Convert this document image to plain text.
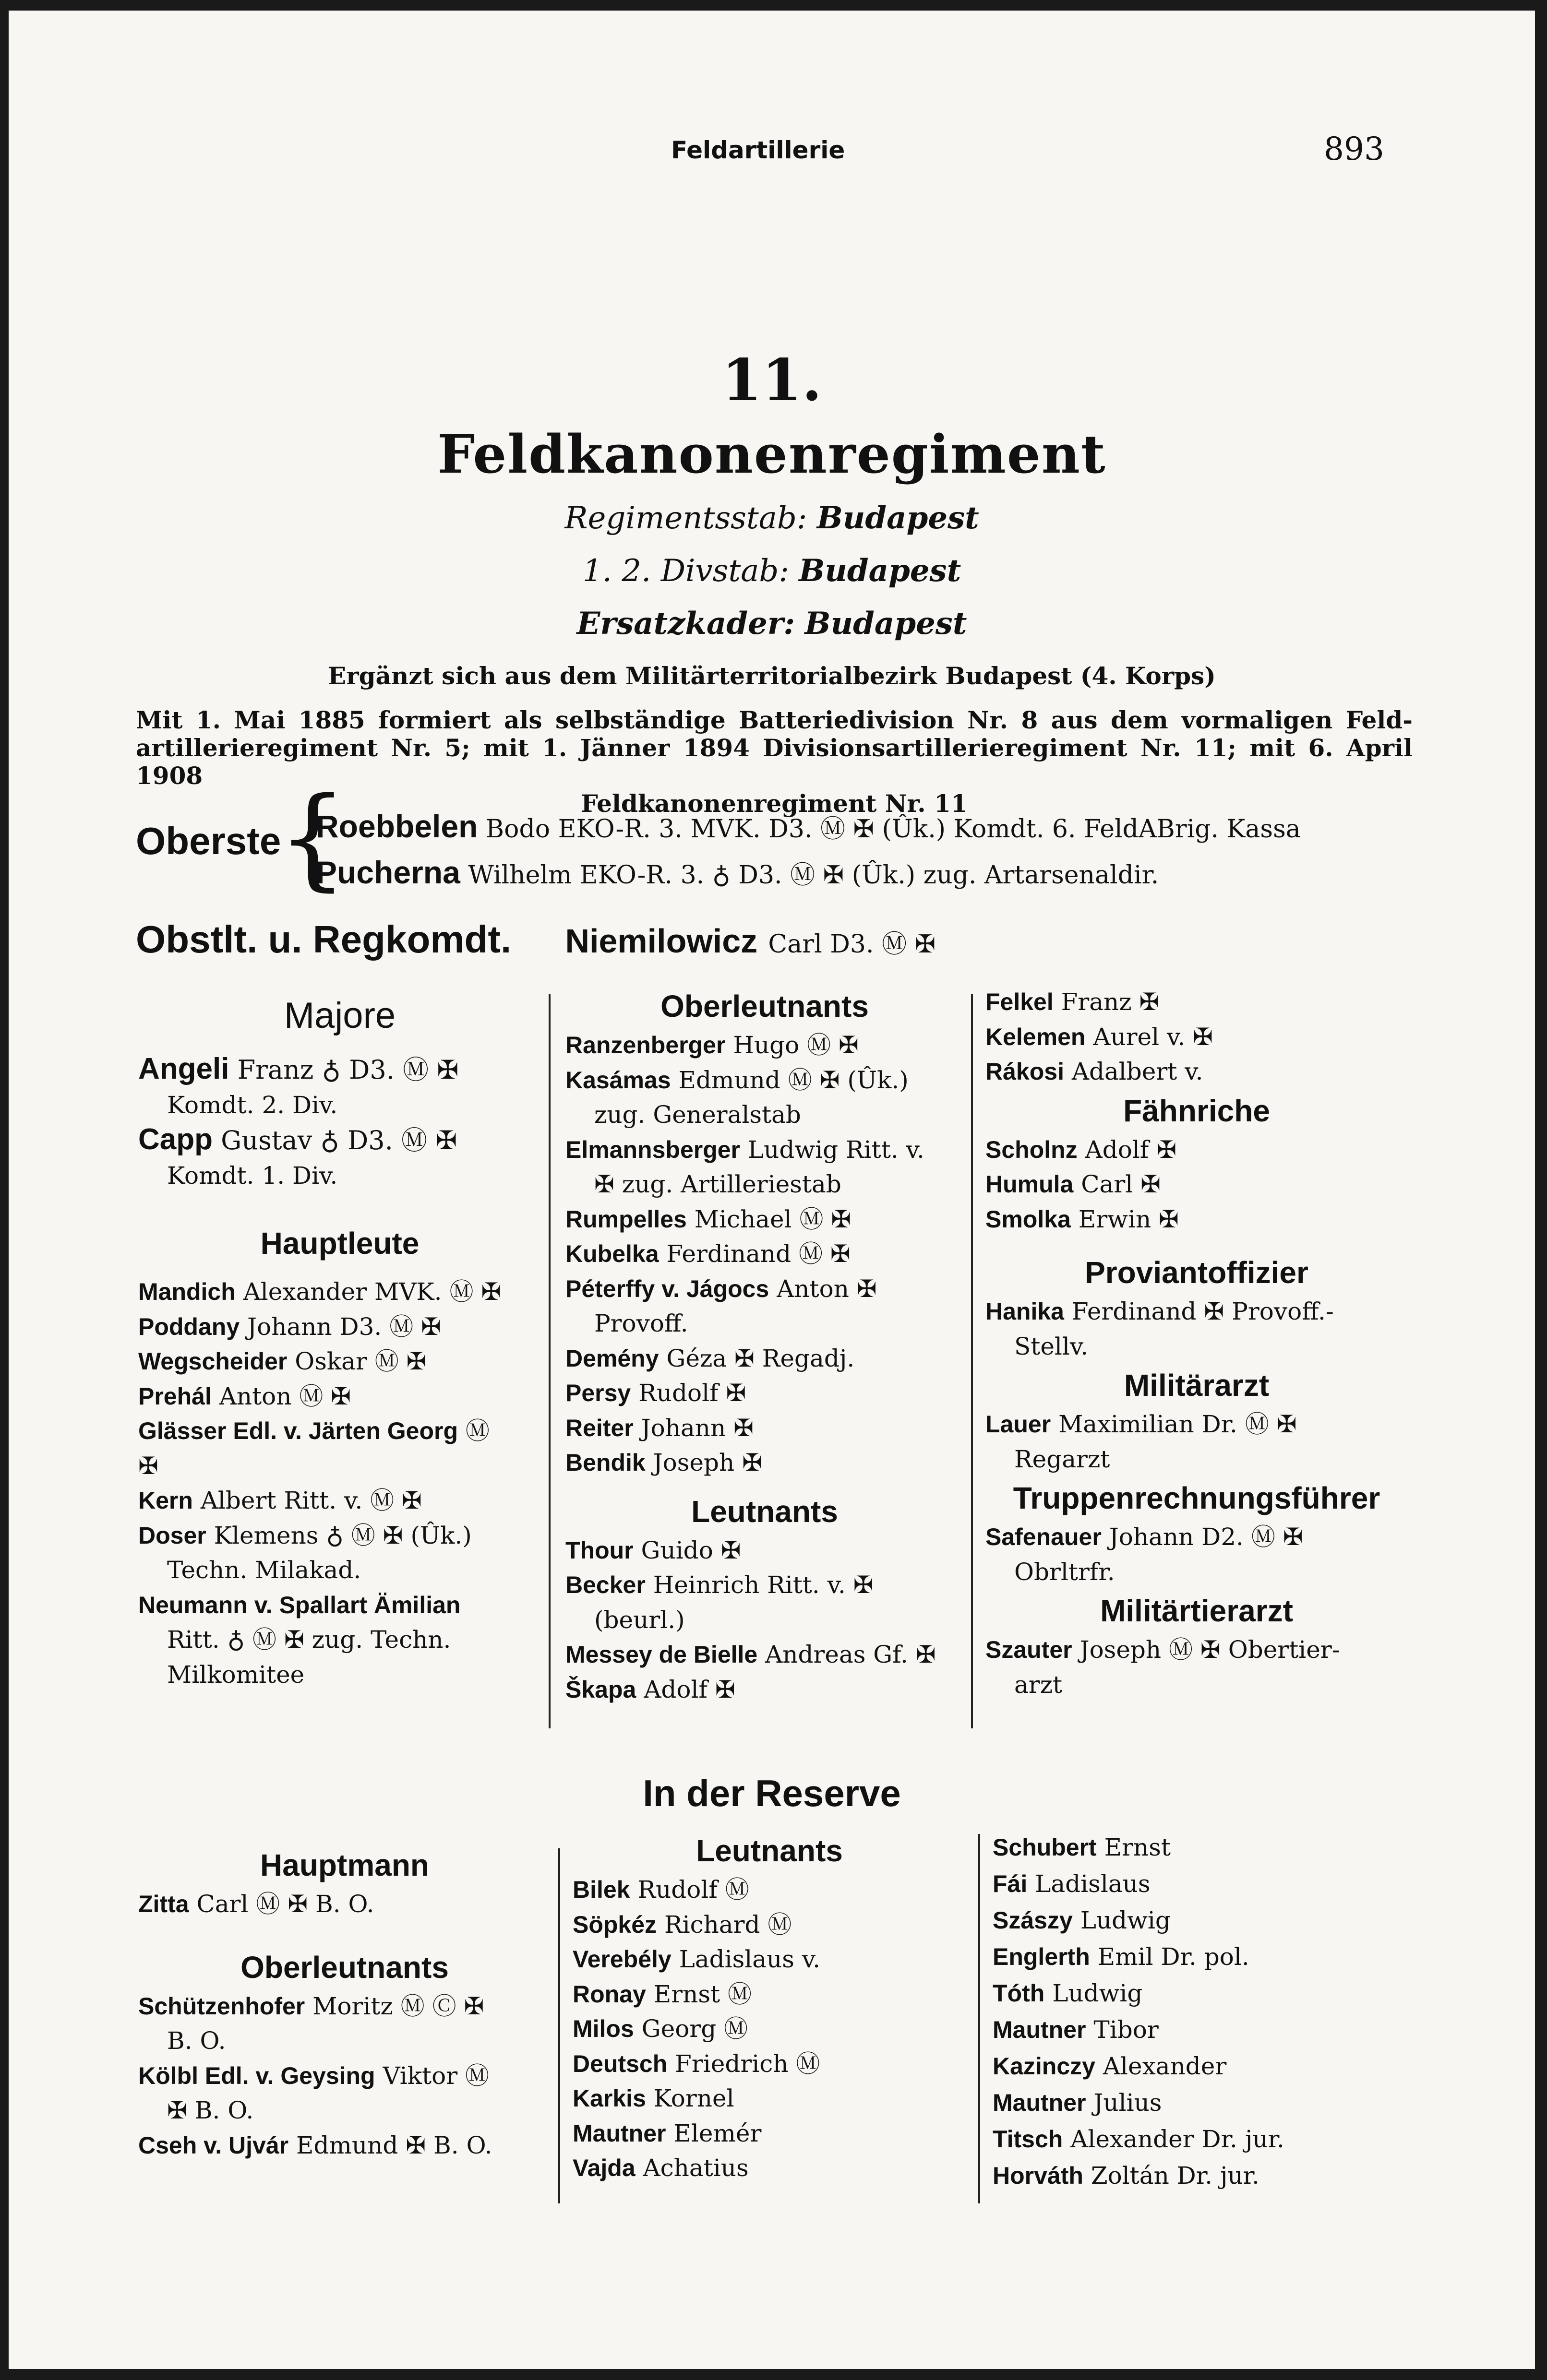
Feldartillerie	893
11.
Feldkanonenregiment
Regimentsstab: Budapest
1. 2. Divstab: Budapest
Ersatzkader: Budapest
Ergänzt sich aus dem Militärterritorialbezirk Budapest (4. Korps)
Mit 1. Mai 1885 formiert als selbständige Batteriedivision Nr. 8 aus dem vormaligen Feld-
artillerieregiment Nr. 5; mit 1. Jänner 1894 Divisionsartillerieregiment Nr. 11; mit 6. April 1908
Feldkanonenregiment Nr. 11
Oberste
{
Roebbelen Bodo EKO-R. 3. MVK. D3. Ⓜ ✠ (Ûk.) Komdt. 6. FeldABrig. Kassa
Pucherna Wilhelm EKO-R. 3. ♁ D3. Ⓜ ✠ (Ûk.) zug. Artarsenaldir.
Obstlt. u. Regkomdt. Niemilowicz Carl D3. Ⓜ ✠
Majore
Angeli Franz ♁ D3. Ⓜ ✠
Komdt. 2. Div.
Capp Gustav ♁ D3. Ⓜ ✠
Komdt. 1. Div.
Hauptleute
Mandich Alexander MVK. Ⓜ ✠
Poddany Johann D3. Ⓜ ✠
Wegscheider Oskar Ⓜ ✠
Prehál Anton Ⓜ ✠
Glässer Edl. v. Järten Georg Ⓜ
✠
Kern Albert Ritt. v. Ⓜ ✠
Doser Klemens ♁ Ⓜ ✠ (Ûk.)
Techn. Milakad.
Neumann v. Spallart Ämilian
Ritt. ♁ Ⓜ ✠ zug. Techn.
Milkomitee
Oberleutnants
Ranzenberger Hugo Ⓜ ✠
Kasámas Edmund Ⓜ ✠ (Ûk.)
zug. Generalstab
Elmannsberger Ludwig Ritt. v.
✠ zug. Artilleriestab
Rumpelles Michael Ⓜ ✠
Kubelka Ferdinand Ⓜ ✠
Péterffy v. Jágocs Anton ✠
Provoff.
Demény Géza ✠ Regadj.
Persy Rudolf ✠
Reiter Johann ✠
Bendik Joseph ✠
Leutnants
Thour Guido ✠
Becker Heinrich Ritt. v. ✠
(beurl.)
Messey de Bielle Andreas Gf. ✠
Škapa Adolf ✠
Felkel Franz ✠
Kelemen Aurel v. ✠
Rákosi Adalbert v.
Fähnriche
Scholnz Adolf ✠
Humula Carl ✠
Smolka Erwin ✠
Proviantoffizier
Hanika Ferdinand ✠ Provoff.-
Stellv.
Militärarzt
Lauer Maximilian Dr. Ⓜ ✠
Regarzt
Truppenrechnungsführer
Safenauer Johann D2. Ⓜ ✠
Obrltrfr.
Militärtierarzt
Szauter Joseph Ⓜ ✠ Obertier-
arzt
In der Reserve
Hauptmann
Zitta Carl Ⓜ ✠ B. O.
Oberleutnants
Schützenhofer Moritz Ⓜ Ⓒ ✠
B. O.
Kölbl Edl. v. Geysing Viktor Ⓜ
✠ B. O.
Cseh v. Ujvár Edmund ✠ B. O.
Leutnants
Bilek Rudolf Ⓜ
Söpkéz Richard Ⓜ
Verebély Ladislaus v.
Ronay Ernst Ⓜ
Milos Georg Ⓜ
Deutsch Friedrich Ⓜ
Karkis Kornel
Mautner Elemér
Vajda Achatius
Schubert Ernst
Fái Ladislaus
Szászy Ludwig
Englerth Emil Dr. pol.
Tóth Ludwig
Mautner Tibor
Kazinczy Alexander
Mautner Julius
Titsch Alexander Dr. jur.
Horváth Zoltán Dr. jur.
